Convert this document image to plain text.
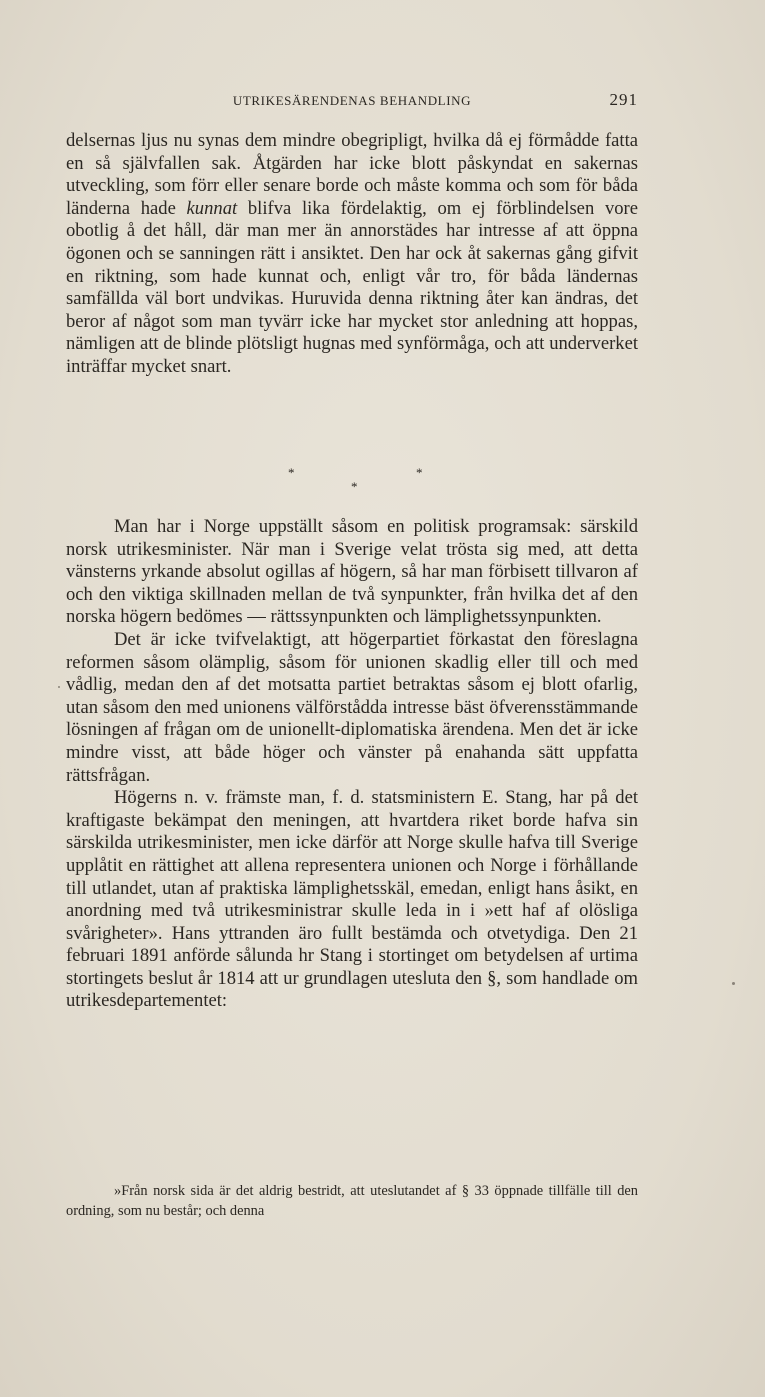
UTRIKESÄRENDENAS BEHANDLING	291

delsernas ljus nu synas dem mindre obegripligt, hvilka då ej förmådde fatta en så självfallen sak. Åtgärden har icke blott påskyndat en sakernas utveckling, som förr eller senare borde och måste komma och som för båda länderna hade kunnat blifva lika fördelaktig, om ej förblindelsen vore obotlig å det håll, där man mer än annorstädes har intresse af att öppna ögonen och se sanningen rätt i ansiktet. Den har ock åt sakernas gång gifvit en riktning, som hade kunnat och, enligt vår tro, för båda ländernas samfällda väl bort undvikas. Huruvida denna riktning åter kan ändras, det beror af något som man tyvärr icke har mycket stor anledning att hoppas, nämligen att de blinde plötsligt hugnas med synförmåga, och att underverket inträffar mycket snart.

*	*
*

Man har i Norge uppställt såsom en politisk programsak: särskild norsk utrikesminister. När man i Sverige velat trösta sig med, att detta vänsterns yrkande absolut ogillas af högern, så har man förbisett tillvaron af och den viktiga skillnaden mellan de två synpunkter, från hvilka det af den norska högern bedömes — rättssynpunkten och lämplighetssynpunkten.

Det är icke tvifvelaktigt, att högerpartiet förkastat den föreslagna reformen såsom olämplig, såsom för unionen skadlig eller till och med vådlig, medan den af det motsatta partiet betraktas såsom ej blott ofarlig, utan såsom den med unionens välförstådda intresse bäst öfverensstämmande lösningen af frågan om de unionellt-diplomatiska ärendena. Men det är icke mindre visst, att både höger och vänster på enahanda sätt uppfatta rättsfrågan.

Högerns n. v. främste man, f. d. statsministern E. Stang, har på det kraftigaste bekämpat den meningen, att hvartdera riket borde hafva sin särskilda utrikesminister, men icke därför att Norge skulle hafva till Sverige upplåtit en rättighet att allena representera unionen och Norge i förhållande till utlandet, utan af praktiska lämplighetsskäl, emedan, enligt hans åsikt, en anordning med två utrikesministrar skulle leda in i »ett haf af olösliga svårigheter». Hans yttranden äro fullt bestämda och otvetydiga. Den 21 februari 1891 anförde sålunda hr Stang i stortinget om betydelsen af urtima stortingets beslut år 1814 att ur grundlagen utesluta den §, som handlade om utrikesdepartementet:

»Från norsk sida är det aldrig bestridt, att uteslutandet af § 33 öppnade tillfälle till den ordning, som nu består; och denna
